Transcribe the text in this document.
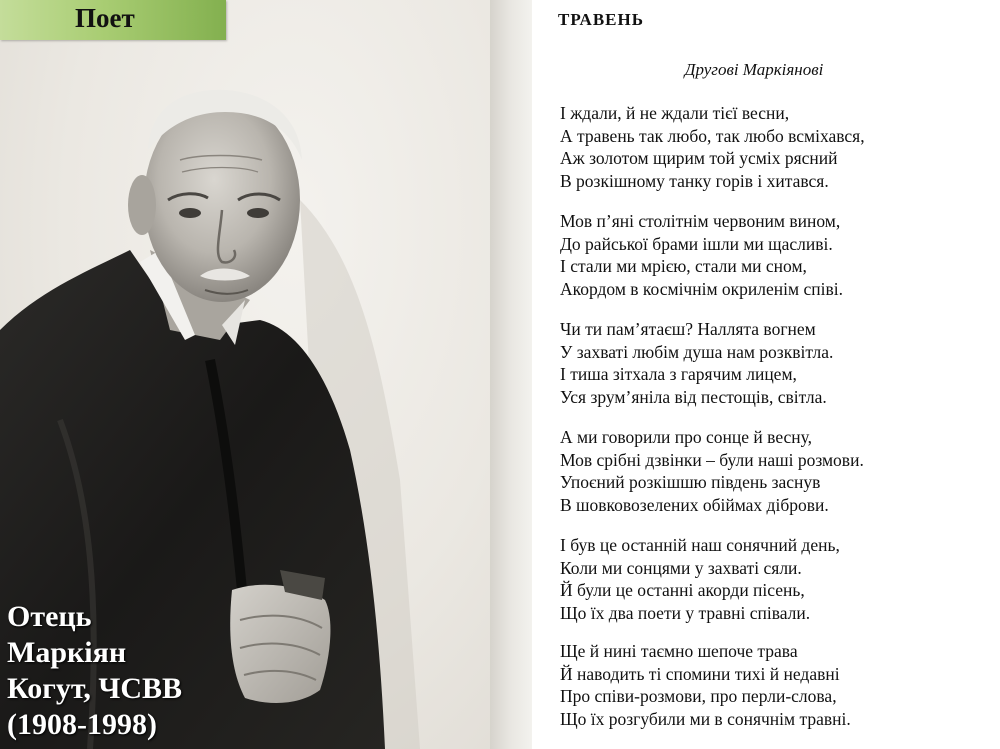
Поет
Отець
Маркіян
Когут, ЧСВВ
(1908-1998)
ТРАВЕНЬ
Другові Маркіянові
І ждали, й не ждали тієї весни,
А травень так любо, так любо всміхався,
Аж золотом щирим той усміх рясний
В розкішному танку горів і хитався.
Мов п’яні столітнім червоним вином,
До райської брами ішли ми щасливі.
І стали ми мрією, стали ми сном,
Акордом в космічнім окриленім співі.
Чи ти пам’ятаєш? Наллята вогнем
У захваті любім душа нам розквітла.
І тиша зітхала з гарячим лицем,
Уся зрум’яніла від пестощів, світла.
А ми говорили про сонце й весну,
Мов срібні дзвінки – були наші розмови.
Упоєний розкішшю південь заснув
В шовковозелених обіймах діброви.
І був це останній наш сонячний день,
Коли ми сонцями у захваті сяли.
Й були це останні акорди пісень,
Що їх два поети у травні співали.
Ще й нині таємно шепоче трава
Й наводить ті спомини тихі й недавні
Про співи-розмови, про перли-слова,
Що їх розгубили ми в сонячнім травні.
